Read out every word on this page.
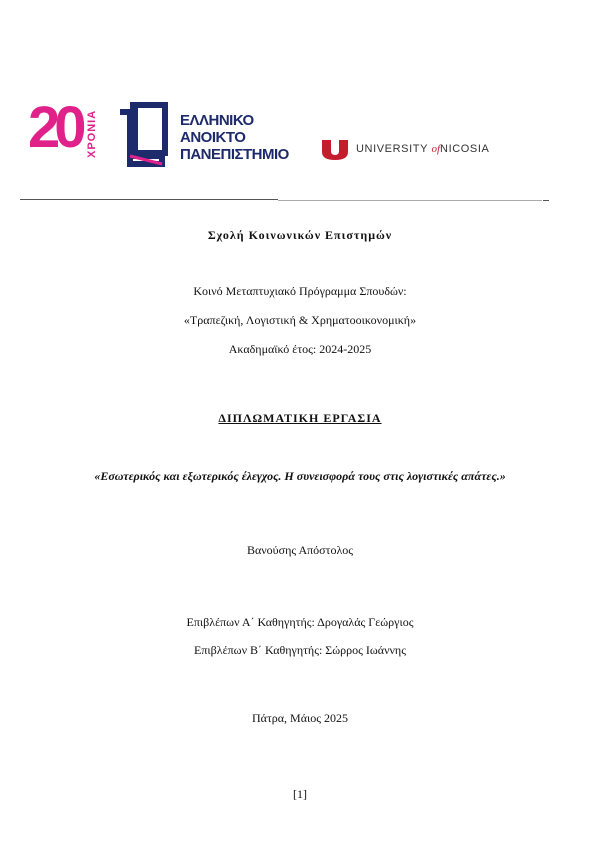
20 ΧΡΟΝΙΑ	ΕΛΛΗΝΙΚΟ
ΑΝΟΙΚΤΟ
ΠΑΝΕΠΙΣΤΗΜΙΟ	UNIVERSITY ofNICOSIA
Σχολή Κοινωνικών Επιστημών
Κοινό Μεταπτυχιακό Πρόγραμμα Σπουδών:
«Τραπεζική, Λογιστική & Χρηματοοικονομική»
Ακαδημαϊκό έτος: 2024-2025
ΔΙΠΛΩΜΑΤΙΚΗ ΕΡΓΑΣΙΑ
«Εσωτερικός και εξωτερικός έλεγχος. Η συνεισφορά τους στις λογιστικές απάτες.»
Βανούσης Απόστολος
Επιβλέπων Α΄ Καθηγητής: Δρογαλάς Γεώργιος
Επιβλέπων Β΄ Καθηγητής: Σώρρος Ιωάννης
Πάτρα, Μάιος 2025
[1]
